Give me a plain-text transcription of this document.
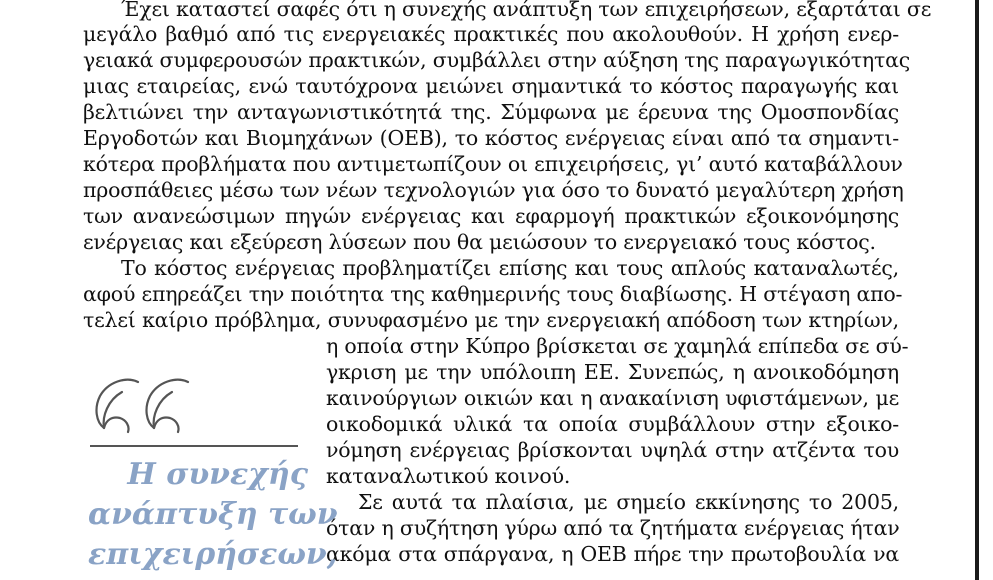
Έχει καταστεί σαφές ότι η συνεχής ανάπτυξη των επιχειρήσεων, εξαρτάται σε
μεγάλο βαθμό από τις ενεργειακές πρακτικές που ακολουθούν. Η χρήση ενερ-
γειακά συμφερουσών πρακτικών, συμβάλλει στην αύξηση της παραγωγικότητας
μιας εταιρείας, ενώ ταυτόχρονα μειώνει σημαντικά το κόστος παραγωγής και
βελτιώνει την ανταγωνιστικότητά της. Σύμφωνα με έρευνα της Ομοσπονδίας
Εργοδοτών και Βιομηχάνων (ΟΕΒ), το κόστος ενέργειας είναι από τα σημαντι-
κότερα προβλήματα που αντιμετωπίζουν οι επιχειρήσεις, γι’ αυτό καταβάλλουν
προσπάθειες μέσω των νέων τεχνολογιών για όσο το δυνατό μεγαλύτερη χρήση
των ανανεώσιμων πηγών ενέργειας και εφαρμογή πρακτικών εξοικονόμησης
ενέργειας και εξεύρεση λύσεων που θα μειώσουν το ενεργειακό τους κόστος.
Το κόστος ενέργειας προβληματίζει επίσης και τους απλούς καταναλωτές,
αφού επηρεάζει την ποιότητα της καθημερινής τους διαβίωσης. Η στέγαση απο-
τελεί καίριο πρόβλημα, συνυφασμένο με την ενεργειακή απόδοση των κτηρίων,
η οποία στην Κύπρο βρίσκεται σε χαμηλά επίπεδα σε σύ-
γκριση με την υπόλοιπη ΕΕ. Συνεπώς, η ανοικοδόμηση
καινούργιων οικιών και η ανακαίνιση υφιστάμενων, με
οικοδομικά υλικά τα οποία συμβάλλουν στην εξοικο-
νόμηση ενέργειας βρίσκονται υψηλά στην ατζέντα του
καταναλωτικού κοινού.
Σε αυτά τα πλαίσια, με σημείο εκκίνησης το 2005,
όταν η συζήτηση γύρω από τα ζητήματα ενέργειας ήταν
ακόμα στα σπάργανα, η ΟΕΒ πήρε την πρωτοβουλία να
Η συνεχής
ανάπτυξη των
επιχειρήσεων,
